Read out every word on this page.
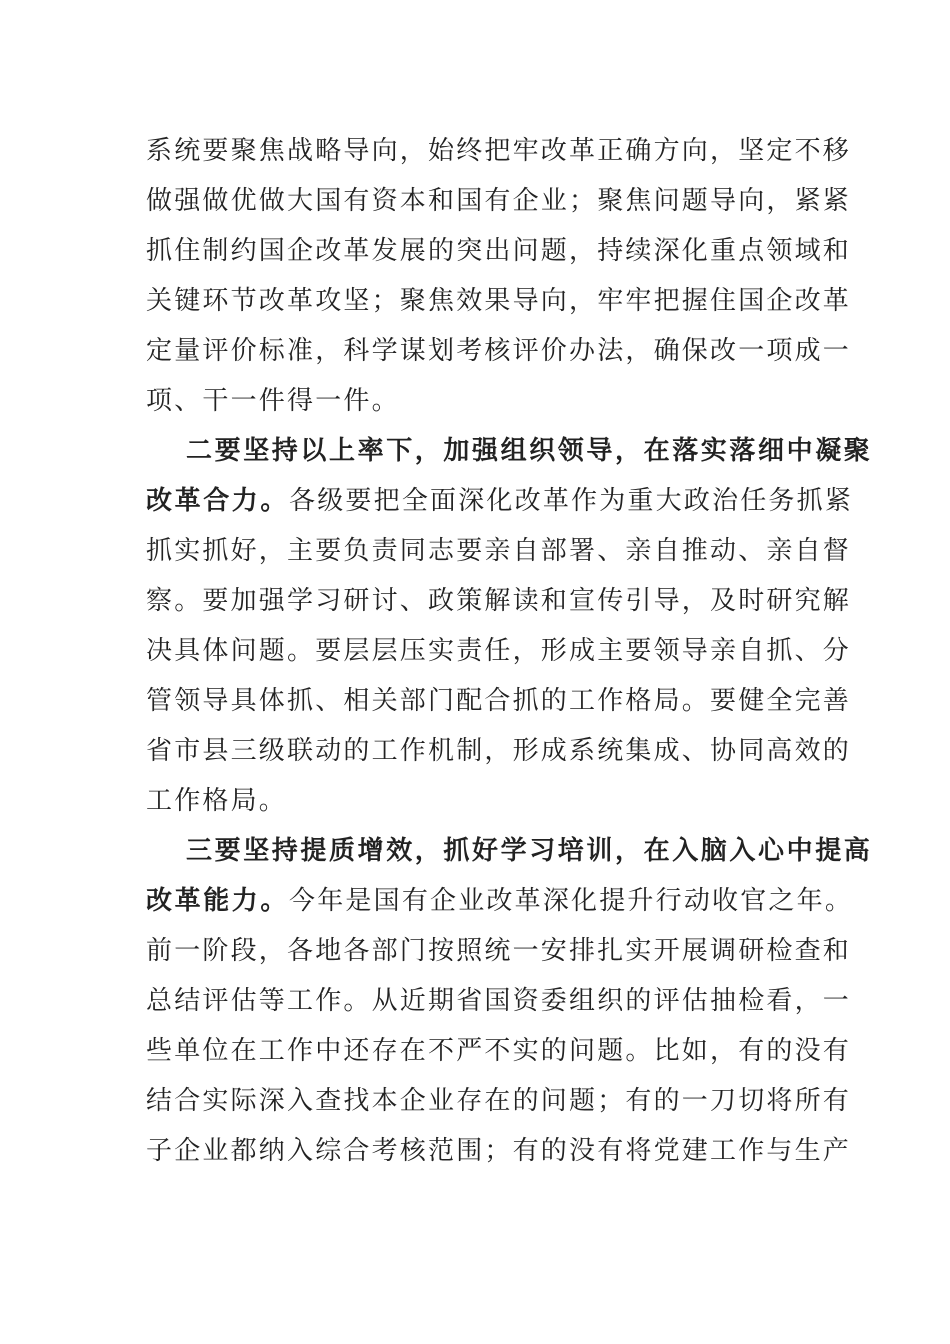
系统要聚焦战略导向，始终把牢改革正确方向，坚定不移
做强做优做大国有资本和国有企业；聚焦问题导向，紧紧
抓住制约国企改革发展的突出问题，持续深化重点领域和
关键环节改革攻坚；聚焦效果导向，牢牢把握住国企改革
定量评价标准，科学谋划考核评价办法，确保改一项成一
项、干一件得一件。
二要坚持以上率下，加强组织领导，在落实落细中凝聚
改革合力。各级要把全面深化改革作为重大政治任务抓紧
抓实抓好，主要负责同志要亲自部署、亲自推动、亲自督
察。要加强学习研讨、政策解读和宣传引导，及时研究解
决具体问题。要层层压实责任，形成主要领导亲自抓、分
管领导具体抓、相关部门配合抓的工作格局。要健全完善
省市县三级联动的工作机制，形成系统集成、协同高效的
工作格局。
三要坚持提质增效，抓好学习培训，在入脑入心中提高
改革能力。今年是国有企业改革深化提升行动收官之年。
前一阶段，各地各部门按照统一安排扎实开展调研检查和
总结评估等工作。从近期省国资委组织的评估抽检看，一
些单位在工作中还存在不严不实的问题。比如，有的没有
结合实际深入查找本企业存在的问题；有的一刀切将所有
子企业都纳入综合考核范围；有的没有将党建工作与生产
